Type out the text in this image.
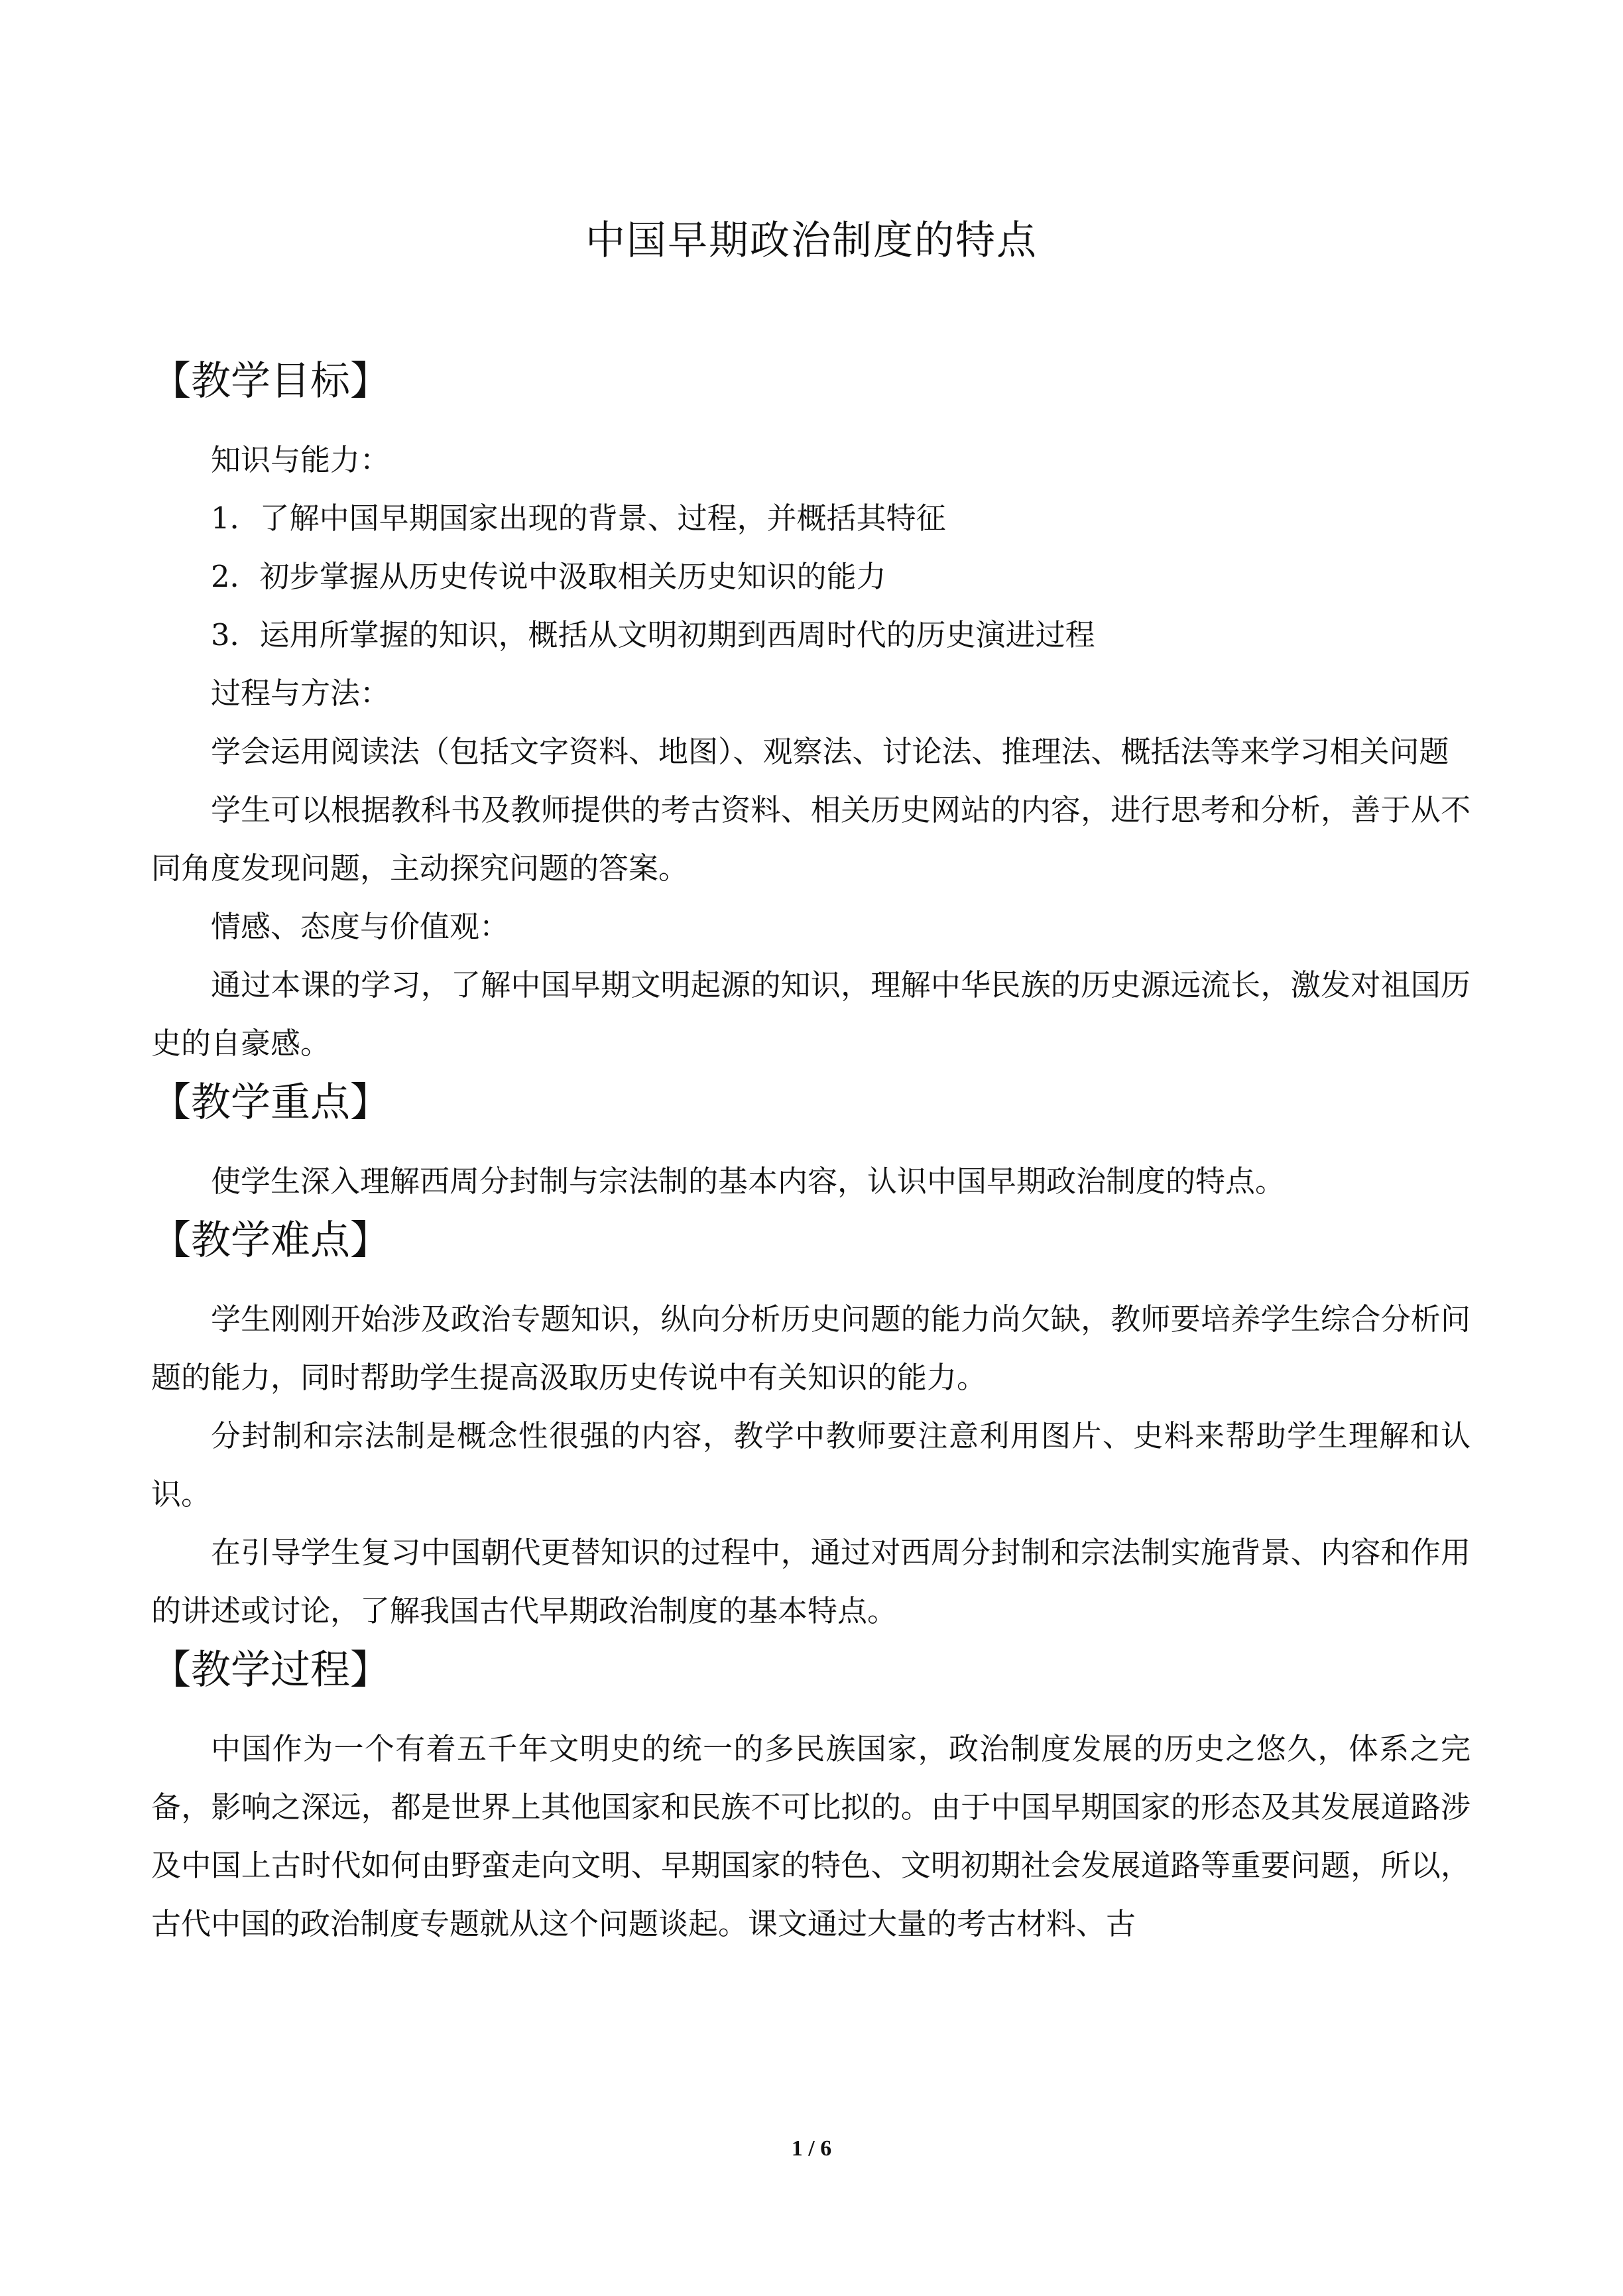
中国早期政治制度的特点
【教学目标】

知识与能力：

1．了解中国早期国家出现的背景、过程，并概括其特征

2．初步掌握从历史传说中汲取相关历史知识的能力

3．运用所掌握的知识，概括从文明初期到西周时代的历史演进过程

过程与方法：

学会运用阅读法（包括文字资料、地图）、观察法、讨论法、推理法、概括法等来学习相关问题

学生可以根据教科书及教师提供的考古资料、相关历史网站的内容，进行思考和分析，善于从不同角度发现问题，主动探究问题的答案。

情感、态度与价值观：

通过本课的学习，了解中国早期文明起源的知识，理解中华民族的历史源远流长，激发对祖国历史的自豪感。

【教学重点】

使学生深入理解西周分封制与宗法制的基本内容，认识中国早期政治制度的特点。

【教学难点】

学生刚刚开始涉及政治专题知识，纵向分析历史问题的能力尚欠缺，教师要培养学生综合分析问题的能力，同时帮助学生提高汲取历史传说中有关知识的能力。

分封制和宗法制是概念性很强的内容，教学中教师要注意利用图片、史料来帮助学生理解和认识。

在引导学生复习中国朝代更替知识的过程中，通过对西周分封制和宗法制实施背景、内容和作用的讲述或讨论，了解我国古代早期政治制度的基本特点。

【教学过程】

中国作为一个有着五千年文明史的统一的多民族国家，政治制度发展的历史之悠久，体系之完备，影响之深远，都是世界上其他国家和民族不可比拟的。由于中国早期国家的形态及其发展道路涉及中国上古时代如何由野蛮走向文明、早期国家的特色、文明初期社会发展道路等重要问题，所以，古代中国的政治制度专题就从这个问题谈起。课文通过大量的考古材料、古

1 / 6
